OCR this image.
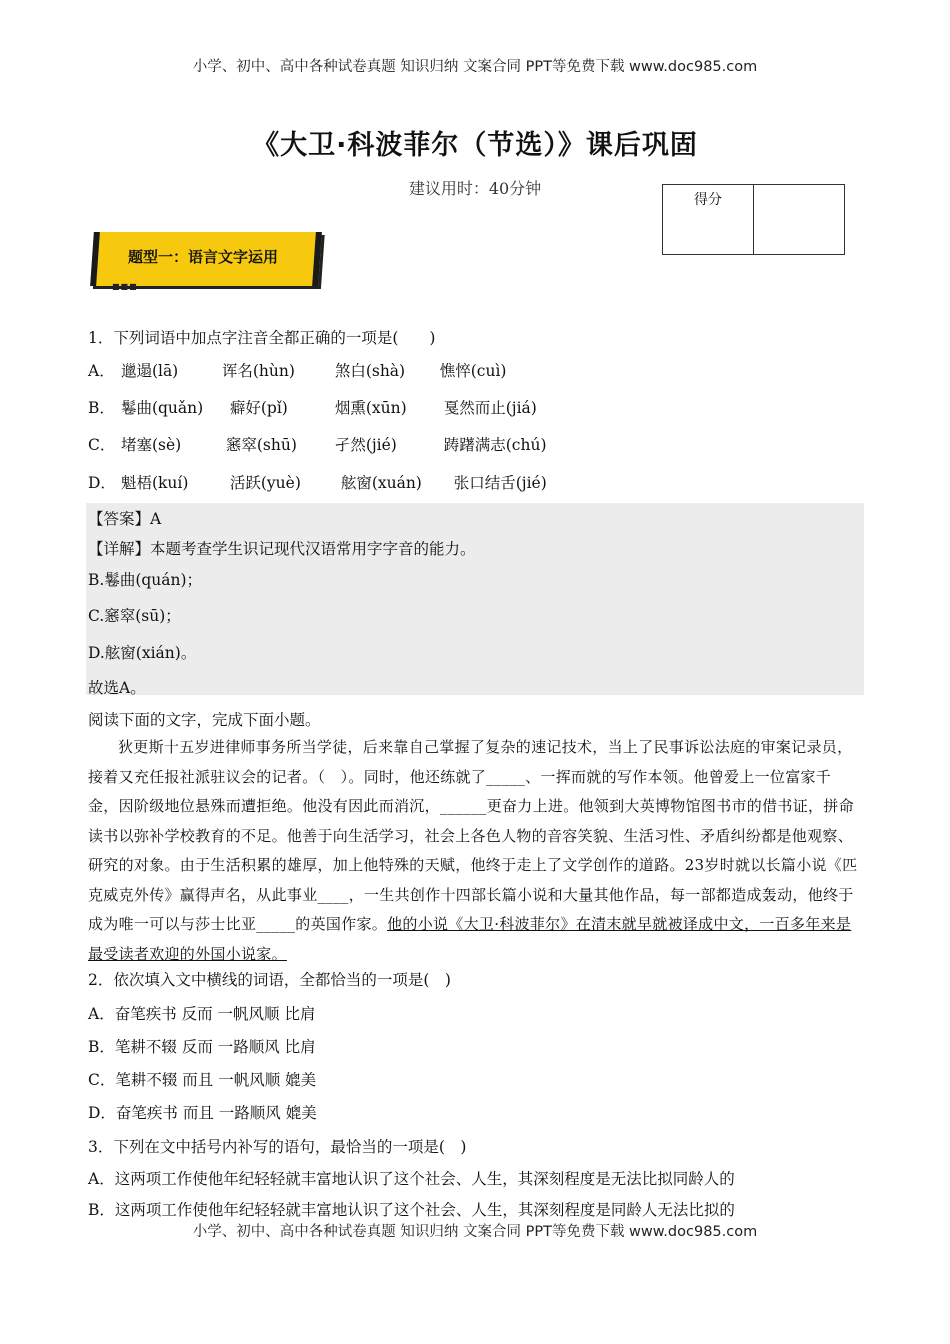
小学、初中、高中各种试卷真题 知识归纳 文案合同 PPT等免费下载 www.doc985.com
《大卫·科波菲尔（节选）》课后巩固
建议用时：40分钟
得分
题型一：语言文字运用
■■■
1．下列词语中加点字注音全都正确的一项是(　　)
A． 邋遢(lā)	诨名(hùn)	煞白(shà) 憔悴(cuì)
B． 鬈曲(quǎn) 癖好(pǐ)	烟熏(xūn) 戛然而止(jiá)
C． 堵塞(sè)	窸窣(shū) 孑然(jié)	踌躇满志(chú)
D． 魁梧(kuí)	活跃(yuè)	舷窗(xuán) 张口结舌(jié)
【答案】A
【详解】本题考查学生识记现代汉语常用字字音的能力。
B.鬈曲(quán)；
C.窸窣(sū)；
D.舷窗(xián)。
故选A。
阅读下面的文字，完成下面小题。
狄更斯十五岁进律师事务所当学徒，后来靠自己掌握了复杂的速记技术，当上了民事诉讼法庭的审案记录员，接着又充任报社派驻议会的记者。（　）。同时，他还练就了_____、一挥而就的写作本领。他曾爱上一位富家千金，因阶级地位悬殊而遭拒绝。他没有因此而消沉，______更奋力上进。他领到大英博物馆图书市的借书证，拼命读书以弥补学校教育的不足。他善于向生活学习，社会上各色人物的音容笑貌、生活习性、矛盾纠纷都是他观察、研究的对象。由于生活积累的雄厚，加上他特殊的天赋，他终于走上了文学创作的道路。23岁时就以长篇小说《匹克威克外传》赢得声名，从此事业____，一生共创作十四部长篇小说和大量其他作品，每一部都造成轰动，他终于成为唯一可以与莎士比亚_____的英国作家。他的小说《大卫·科波菲尔》在清末就早就被译成中文，一百多年来是最受读者欢迎的外国小说家。
2．依次填入文中横线的词语，全都恰当的一项是(　)
A．奋笔疾书 反而 一帆风顺 比肩
B．笔耕不辍 反而 一路顺风 比肩
C．笔耕不辍 而且 一帆风顺 媲美
D．奋笔疾书 而且 一路顺风 媲美
3．下列在文中括号内补写的语句，最恰当的一项是(　)
A．这两项工作使他年纪轻轻就丰富地认识了这个社会、人生，其深刻程度是无法比拟同龄人的
B．这两项工作使他年纪轻轻就丰富地认识了这个社会、人生，其深刻程度是同龄人无法比拟的
小学、初中、高中各种试卷真题 知识归纳 文案合同 PPT等免费下载 www.doc985.com
